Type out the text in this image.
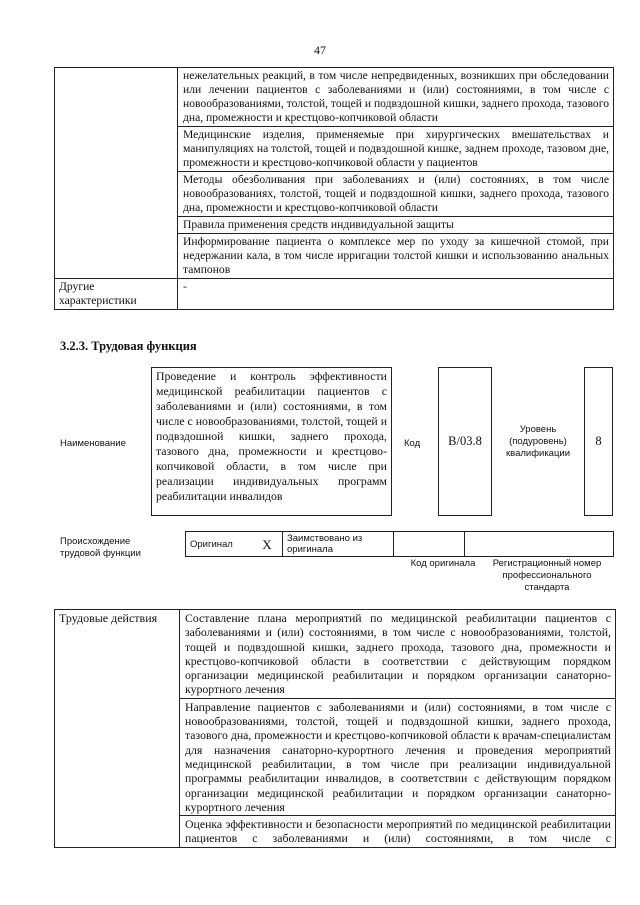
47
	нежелательных реакций, в том числе непредвиденных, возникших при обследовании или лечении пациентов с заболеваниями и (или) состояниями, в том числе с новообразованиями, толстой, тощей и подвздошной кишки, заднего прохода, тазового дна, промежности и крестцово-копчиковой области
	Медицинские изделия, применяемые при хирургических вмешательствах и манипуляциях на толстой, тощей и подвздошной кишке, заднем проходе, тазовом дне, промежности и крестцово-копчиковой области у пациентов
	Методы обезболивания при заболеваниях и (или) состояниях, в том числе новообразованиях, толстой, тощей и подвздошной кишки, заднего прохода, тазового дна, промежности и крестцово-копчиковой области
	Правила применения средств индивидуальной защиты
	Информирование пациента о комплексе мер по уходу за кишечной стомой, при недержании кала, в том числе ирригации толстой кишки и использованию анальных тампонов
Другие характеристики	-
3.2.3. Трудовая функция
Наименование
Проведение и контроль эффективности медицинской реабилитации пациентов с заболеваниями и (или) состояниями, в том числе с новообразованиями, толстой, тощей и подвздошной кишки, заднего прохода, тазового дна, промежности и крестцово-копчиковой области, в том числе при реализации индивидуальных программ реабилитации инвалидов
Код	B/03.8
Уровень (подуровень) квалификации
8
Происхождение трудовой функции
Оригинал	X	Заимствовано из оригинала		
Код оригинала	Регистрационный номер профессионального стандарта
Трудовые действия	Составление плана мероприятий по медицинской реабилитации пациентов с заболеваниями и (или) состояниями, в том числе с новообразованиями, толстой, тощей и подвздошной кишки, заднего прохода, тазового дна, промежности и крестцово-копчиковой области в соответствии с действующим порядком организации медицинской реабилитации и порядком организации санаторно-курортного лечения
Направление пациентов с заболеваниями и (или) состояниями, в том числе с новообразованиями, толстой, тощей и подвздошной кишки, заднего прохода, тазового дна, промежности и крестцово-копчиковой области к врачам-специалистам для назначения санаторно-курортного лечения и проведения мероприятий медицинской реабилитации, в том числе при реализации индивидуальной программы реабилитации инвалидов, в соответствии с действующим порядком организации медицинской реабилитации и порядком организации санаторно-курортного лечения
Оценка эффективности и безопасности мероприятий по медицинской реабилитации пациентов с заболеваниями и (или) состояниями, в том числе с
